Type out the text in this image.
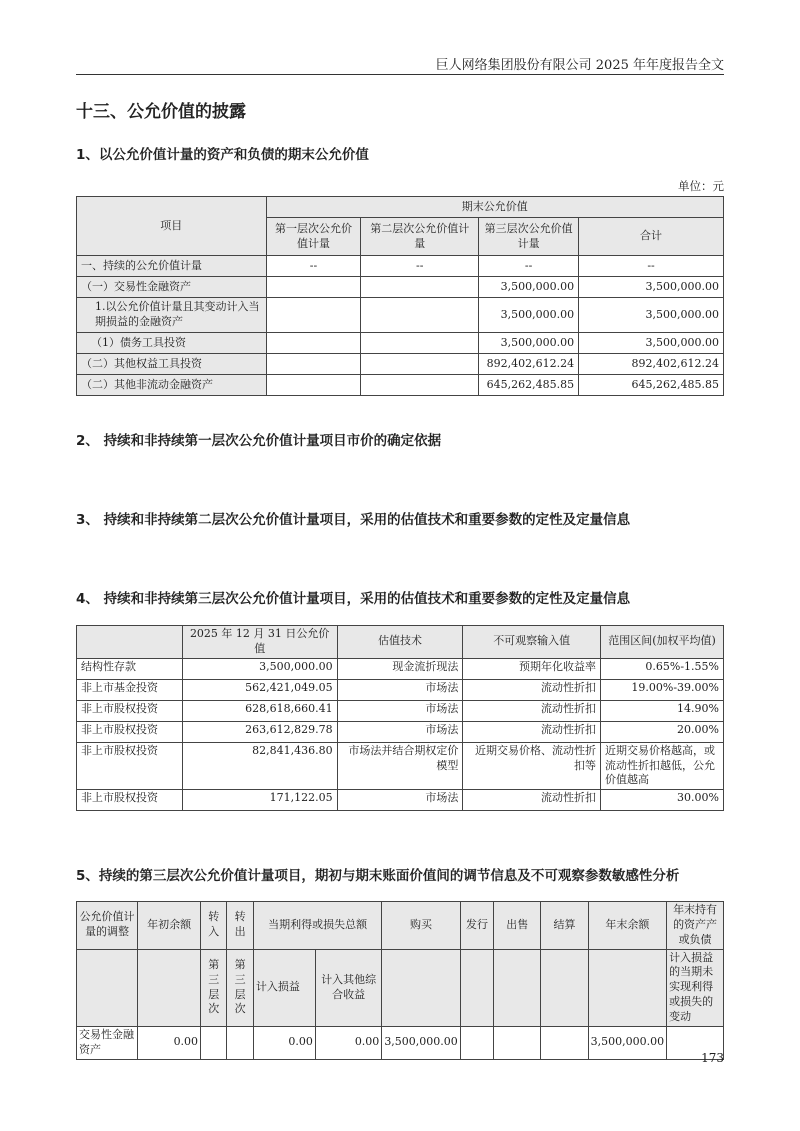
巨人网络集团股份有限公司 2025 年年度报告全文
十三、公允价值的披露
1、以公允价值计量的资产和负债的期末公允价值
单位：元
项目	期末公允价值			
	第一层次公允价值计量	第二层次公允价值计量	第三层次公允价值计量	合计
一、持续的公允价值计量	--	--	--	--
（一）交易性金融资产			3,500,000.00	3,500,000.00
1.以公允价值计量且其变动计入当期损益的金融资产			3,500,000.00	3,500,000.00
（1）债务工具投资			3,500,000.00	3,500,000.00
（二）其他权益工具投资			892,402,612.24	892,402,612.24
（二）其他非流动金融资产			645,262,485.85	645,262,485.85
2、 持续和非持续第一层次公允价值计量项目市价的确定依据
3、 持续和非持续第二层次公允价值计量项目，采用的估值技术和重要参数的定性及定量信息
4、 持续和非持续第三层次公允价值计量项目，采用的估值技术和重要参数的定性及定量信息
	2025 年 12 月 31 日公允价值	估值技术	不可观察输入值	范围区间(加权平均值)
结构性存款	3,500,000.00	现金流折现法	预期年化收益率	0.65%-1.55%
非上市基金投资	562,421,049.05	市场法	流动性折扣	19.00%-39.00%
非上市股权投资	628,618,660.41	市场法	流动性折扣	14.90%
非上市股权投资	263,612,829.78	市场法	流动性折扣	20.00%
非上市股权投资	82,841,436.80	市场法并结合期权定价模型	近期交易价格、流动性折扣等	近期交易价格越高，或流动性折扣越低，公允价值越高
非上市股权投资	171,122.05	市场法	流动性折扣	30.00%
5、持续的第三层次公允价值计量项目，期初与期末账面价值间的调节信息及不可观察参数敏感性分析
公允价值计量的调整	年初余额	转入	转出	当期利得或损失总额		购买	发行	出售	结算	年末余额	年末持有的资产产或负债
		第三层次	第三层次	计入损益	计入其他综合收益						计入损益的当期未实现利得或损失的变动
交易性金融资产	0.00			0.00	0.00	3,500,000.00				3,500,000.00	
173
